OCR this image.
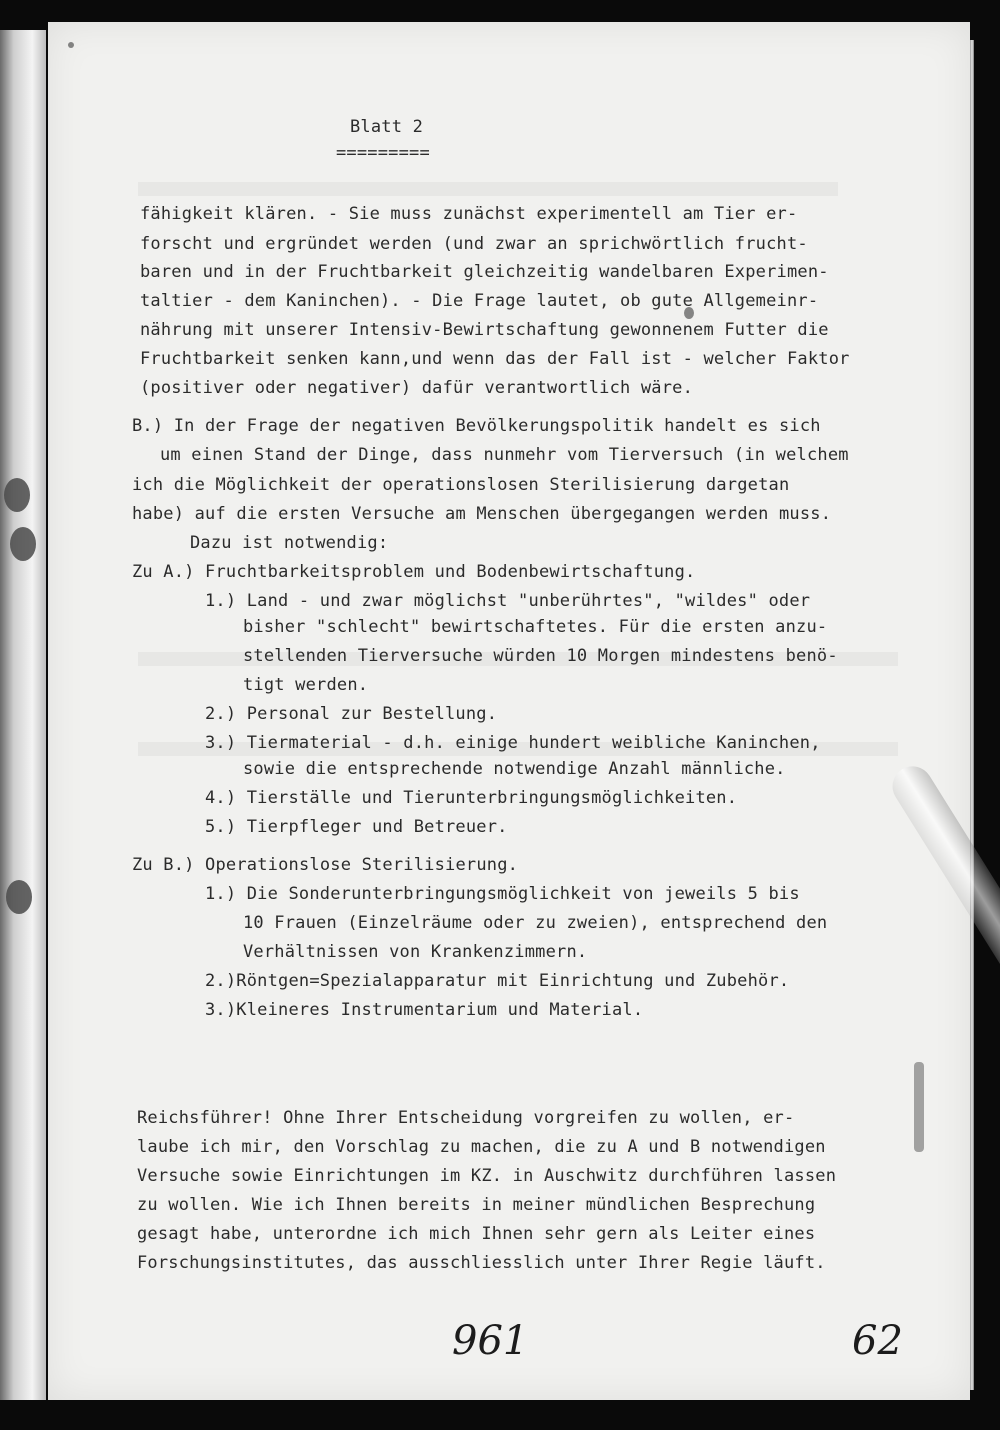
Blatt 2
=========
fähigkeit klären. - Sie muss zunächst experimentell am Tier er-
forscht und ergründet werden (und zwar an sprichwörtlich frucht-
baren und in der Fruchtbarkeit gleichzeitig wandelbaren Experimen-
taltier - dem Kaninchen). - Die Frage lautet, ob gute Allgemeinr-
nährung mit unserer Intensiv-Bewirtschaftung gewonnenem Futter die
Fruchtbarkeit senken kann,und wenn das der Fall ist - welcher Faktor
(positiver oder negativer) dafür verantwortlich wäre.
B.) In der Frage der negativen Bevölkerungspolitik handelt es sich
um einen Stand der Dinge, dass nunmehr vom Tierversuch (in welchem
ich die Möglichkeit der operationslosen Sterilisierung dargetan
habe) auf die ersten Versuche am Menschen übergegangen werden muss.
Dazu ist notwendig:
Zu A.) Fruchtbarkeitsproblem und Bodenbewirtschaftung.
1.) Land - und zwar möglichst "unberührtes", "wildes" oder
bisher "schlecht" bewirtschaftetes. Für die ersten anzu-
stellenden Tierversuche würden 10 Morgen mindestens benö-
tigt werden.
2.) Personal zur Bestellung.
3.) Tiermaterial - d.h. einige hundert weibliche Kaninchen,
sowie die entsprechende notwendige Anzahl männliche.
4.) Tierställe und Tierunterbringungsmöglichkeiten.
5.) Tierpfleger und Betreuer.
Zu B.) Operationslose Sterilisierung.
1.) Die Sonderunterbringungsmöglichkeit von jeweils 5 bis
10 Frauen (Einzelräume oder zu zweien), entsprechend den
Verhältnissen von Krankenzimmern.
2.)Röntgen=Spezialapparatur mit Einrichtung und Zubehör.
3.)Kleineres Instrumentarium und Material.
Reichsführer! Ohne Ihrer Entscheidung vorgreifen zu wollen, er-
laube ich mir, den Vorschlag zu machen, die zu A und B notwendigen
Versuche sowie Einrichtungen im KZ. in Auschwitz durchführen lassen
zu wollen. Wie ich Ihnen bereits in meiner mündlichen Besprechung
gesagt habe, unterordne ich mich Ihnen sehr gern als Leiter eines
Forschungsinstitutes, das ausschliesslich unter Ihrer Regie läuft.
961	62
